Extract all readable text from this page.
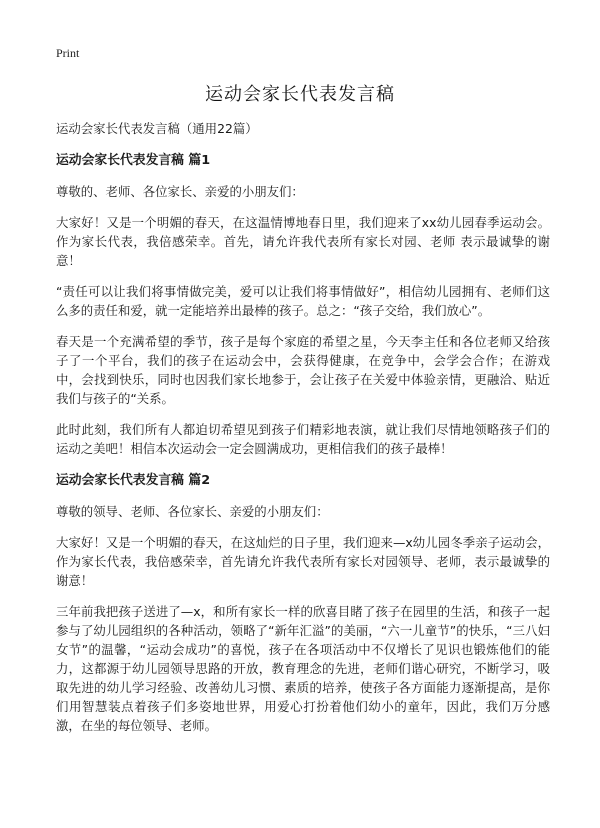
Print
运动会家长代表发言稿
运动会家长代表发言稿（通用22篇）
运动会家长代表发言稿 篇1
尊敬的、老师、各位家长、亲爱的小朋友们：
大家好！又是一个明媚的春天，在这温情博地春日里，我们迎来了xx幼儿园春季运动会。作为家长代表，我倍感荣幸。首先，请允许我代表所有家长对园、老师 表示最诚挚的谢意！
“责任可以让我们将事情做完美，爱可以让我们将事情做好”，相信幼儿园拥有、老师们这么多的责任和爱，就一定能培养出最棒的孩子。总之：“孩子交给，我们放心”。
春天是一个充满希望的季节，孩子是每个家庭的希望之星，今天李主任和各位老师又给孩子了一个平台，我们的孩子在运动会中，会获得健康，在竞争中，会学会合作；在游戏中，会找到快乐，同时也因我们家长地参于，会让孩子在关爱中体验亲情，更融洽、贴近我们与孩子的“关系。
此时此刻，我们所有人都迫切希望见到孩子们精彩地表演，就让我们尽情地领略孩子们的运动之美吧！相信本次运动会一定会圆满成功，更相信我们的孩子最棒！
运动会家长代表发言稿 篇2
尊敬的领导、老师、各位家长、亲爱的小朋友们：
大家好！又是一个明媚的春天，在这灿烂的日子里，我们迎来—x幼儿园冬季亲子运动会，作为家长代表，我倍感荣幸，首先请允许我代表所有家长对园领导、老师，表示最诚挚的谢意！
三年前我把孩子送进了—x，和所有家长一样的欣喜目睹了孩子在园里的生活，和孩子一起参与了幼儿园组织的各种活动，领略了“新年汇溢”的美丽，“六一儿童节”的快乐，“三八妇女节”的温馨，“运动会成功”的喜悦，孩子在各项活动中不仅增长了见识也锻炼他们的能力，这都源于幼儿园领导思路的开放，教育理念的先进，老师们谐心研究，不断学习，吸取先进的幼儿学习经验、改善幼儿习惯、素质的培养，使孩子各方面能力逐渐提高，是你们用智慧装点着孩子们多姿地世界，用爱心打扮着他们幼小的童年，因此，我们万分感激，在坐的每位领导、老师。
